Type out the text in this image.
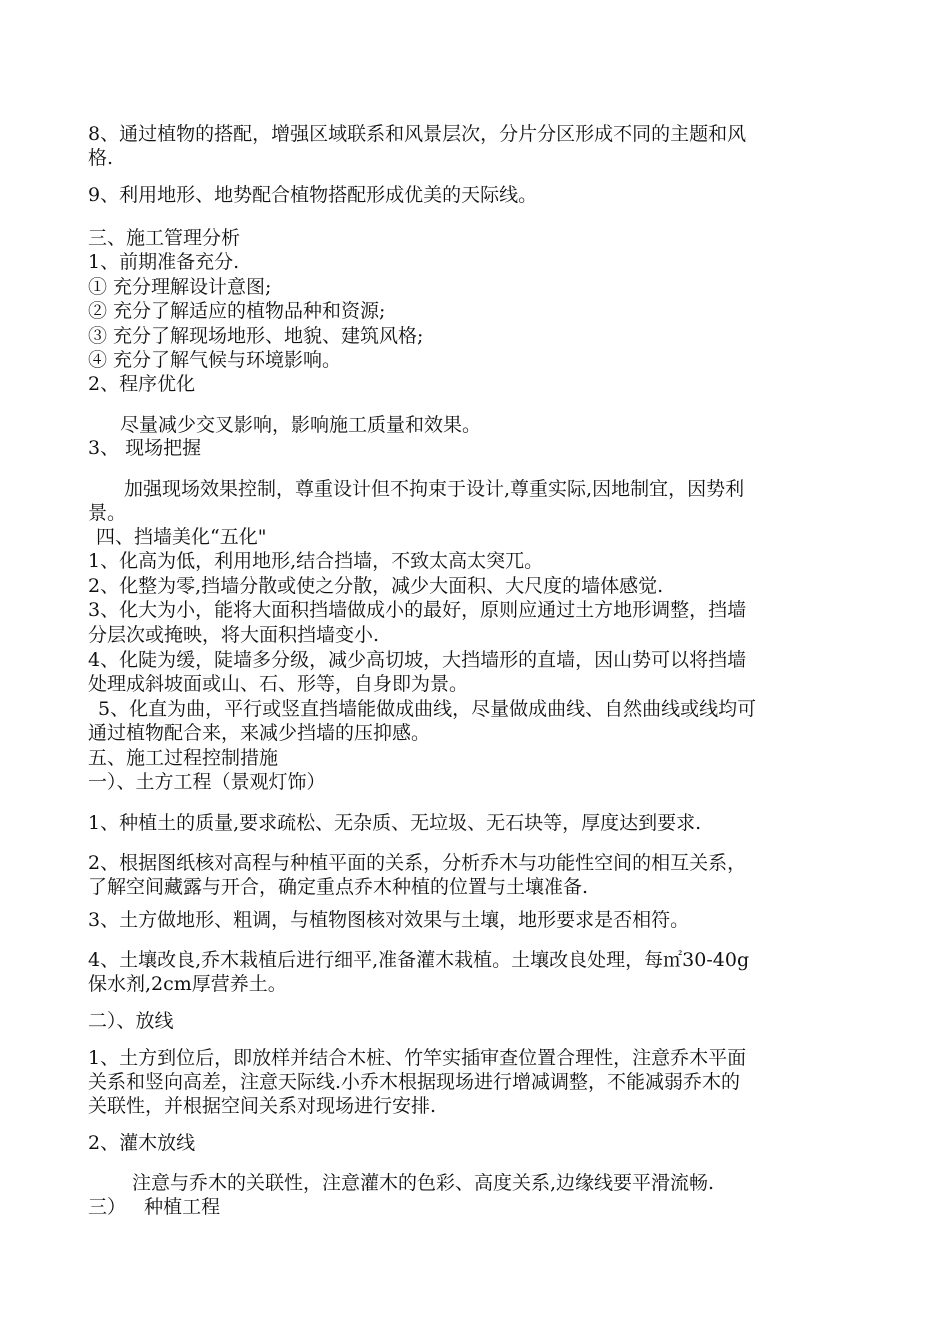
8、通过植物的搭配，增强区域联系和风景层次，分片分区形成不同的主题和风
格.
9、利用地形、地势配合植物搭配形成优美的天际线。
三、施工管理分析
1、前期准备充分.
① 充分理解设计意图;
② 充分了解适应的植物品种和资源;
③ 充分了解现场地形、地貌、建筑风格;
④ 充分了解气候与环境影响。
2、程序优化
尽量减少交叉影响，影响施工质量和效果。
3、 现场把握
加强现场效果控制，尊重设计但不拘束于设计,尊重实际,因地制宜，因势利
景。
四、挡墙美化“五化"
1、化高为低，利用地形,结合挡墙，不致太高太突兀。
2、化整为零,挡墙分散或使之分散，减少大面积、大尺度的墙体感觉.
3、化大为小，能将大面积挡墙做成小的最好，原则应通过土方地形调整，挡墙
分层次或掩映，将大面积挡墙变小.
4、化陡为缓，陡墙多分级，减少高切坡，大挡墙形的直墙，因山势可以将挡墙
处理成斜坡面或山、石、形等，自身即为景。
5、化直为曲，平行或竖直挡墙能做成曲线，尽量做成曲线、自然曲线或线均可
通过植物配合来，来减少挡墙的压抑感。
五、施工过程控制措施
一）、土方工程（景观灯饰）
1、种植土的质量,要求疏松、无杂质、无垃圾、无石块等，厚度达到要求.
2、根据图纸核对高程与种植平面的关系，分析乔木与功能性空间的相互关系，
了解空间藏露与开合，确定重点乔木种植的位置与土壤准备.
3、土方做地形、粗调，与植物图核对效果与土壤，地形要求是否相符。
4、土壤改良,乔木栽植后进行细平,准备灌木栽植。土壤改良处理，每㎡30-40g
保水剂,2cm厚营养土。
二）、放线
1、土方到位后，即放样并结合木桩、竹竿实插审查位置合理性，注意乔木平面
关系和竖向高差，注意天际线.小乔木根据现场进行增减调整，不能减弱乔木的
关联性，并根据空间关系对现场进行安排.
2、灌木放线
注意与乔木的关联性，注意灌木的色彩、高度关系,边缘线要平滑流畅.
三）   种植工程
